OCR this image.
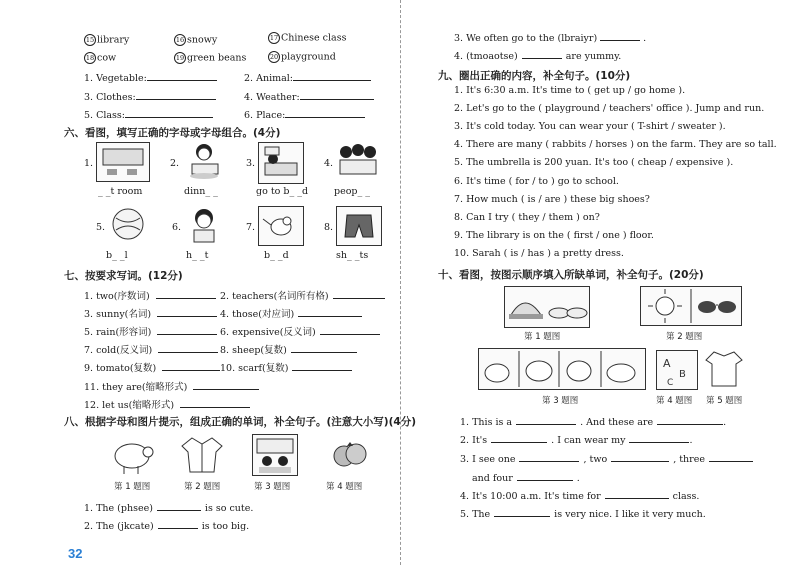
15 library	16 snowy	17 Chinese class
18 cow	19 green beans	20 playground
1. Vegetable:	2. Animal:
3. Clothes:	4. Weather:
5. Class:	6. Place:
六、看图，填写正确的字母或字母组合。(4分)
1.
_ _t room
2.
dinn_ _
3.
go to b_ _d
4.
peop_ _
5.
b_ _l
6.
h_ _t
7.
b_ _d
8.
sh_ _ts
七、按要求写词。(12分)
1. two(序数词)	2. teachers(名词所有格)
3. sunny(名词)	4. those(对应词)
5. rain(形容词)	6. expensive(反义词)
7. cold(反义词)	8. sheep(复数)
9. tomato(复数)	10. scarf(复数)
11. they are(缩略形式)
12. let us(缩略形式)
八、根据字母和图片提示，组成正确的单词，补全句子。(注意大小写)(4分)
第 1 题图	第 2 题图	第 3 题图	第 4 题图
1. The (phsee)	is so cute.
2. The (jkcate)	is too big.
32
3. We often go to the (lbraiyr)	.
4. (tmoaotse)	are yummy.
九、圈出正确的内容，补全句子。(10分)
1. It's 6:30 a.m. It's time to ( get up / go home ).
2. Let's go to the ( playground / teachers' office ). Jump and run.
3. It's cold today. You can wear your ( T-shirt / sweater ).
4. There are many ( rabbits / horses ) on the farm. They are so tall.
5. The umbrella is 200 yuan. It's too ( cheap / expensive ).
6. It's time ( for / to ) go to school.
7. How much ( is / are ) these big shoes?
8. Can I try ( they / them ) on?
9. The library is on the ( first / one ) floor.
10. Sarah ( is / has ) a pretty dress.
十、看图，按图示顺序填入所缺单词，补全句子。(20分)
第 1 题图	第 2 题图
第 3 题图
A
B
C
第 4 题图 第 5 题图
1. This is a	. And these are	.
2. It's	. I can wear my	.
3. I see one	, two	, three
and four	.
4. It's 10:00 a.m. It's time for	class.
5. The	is very nice. I like it very much.
